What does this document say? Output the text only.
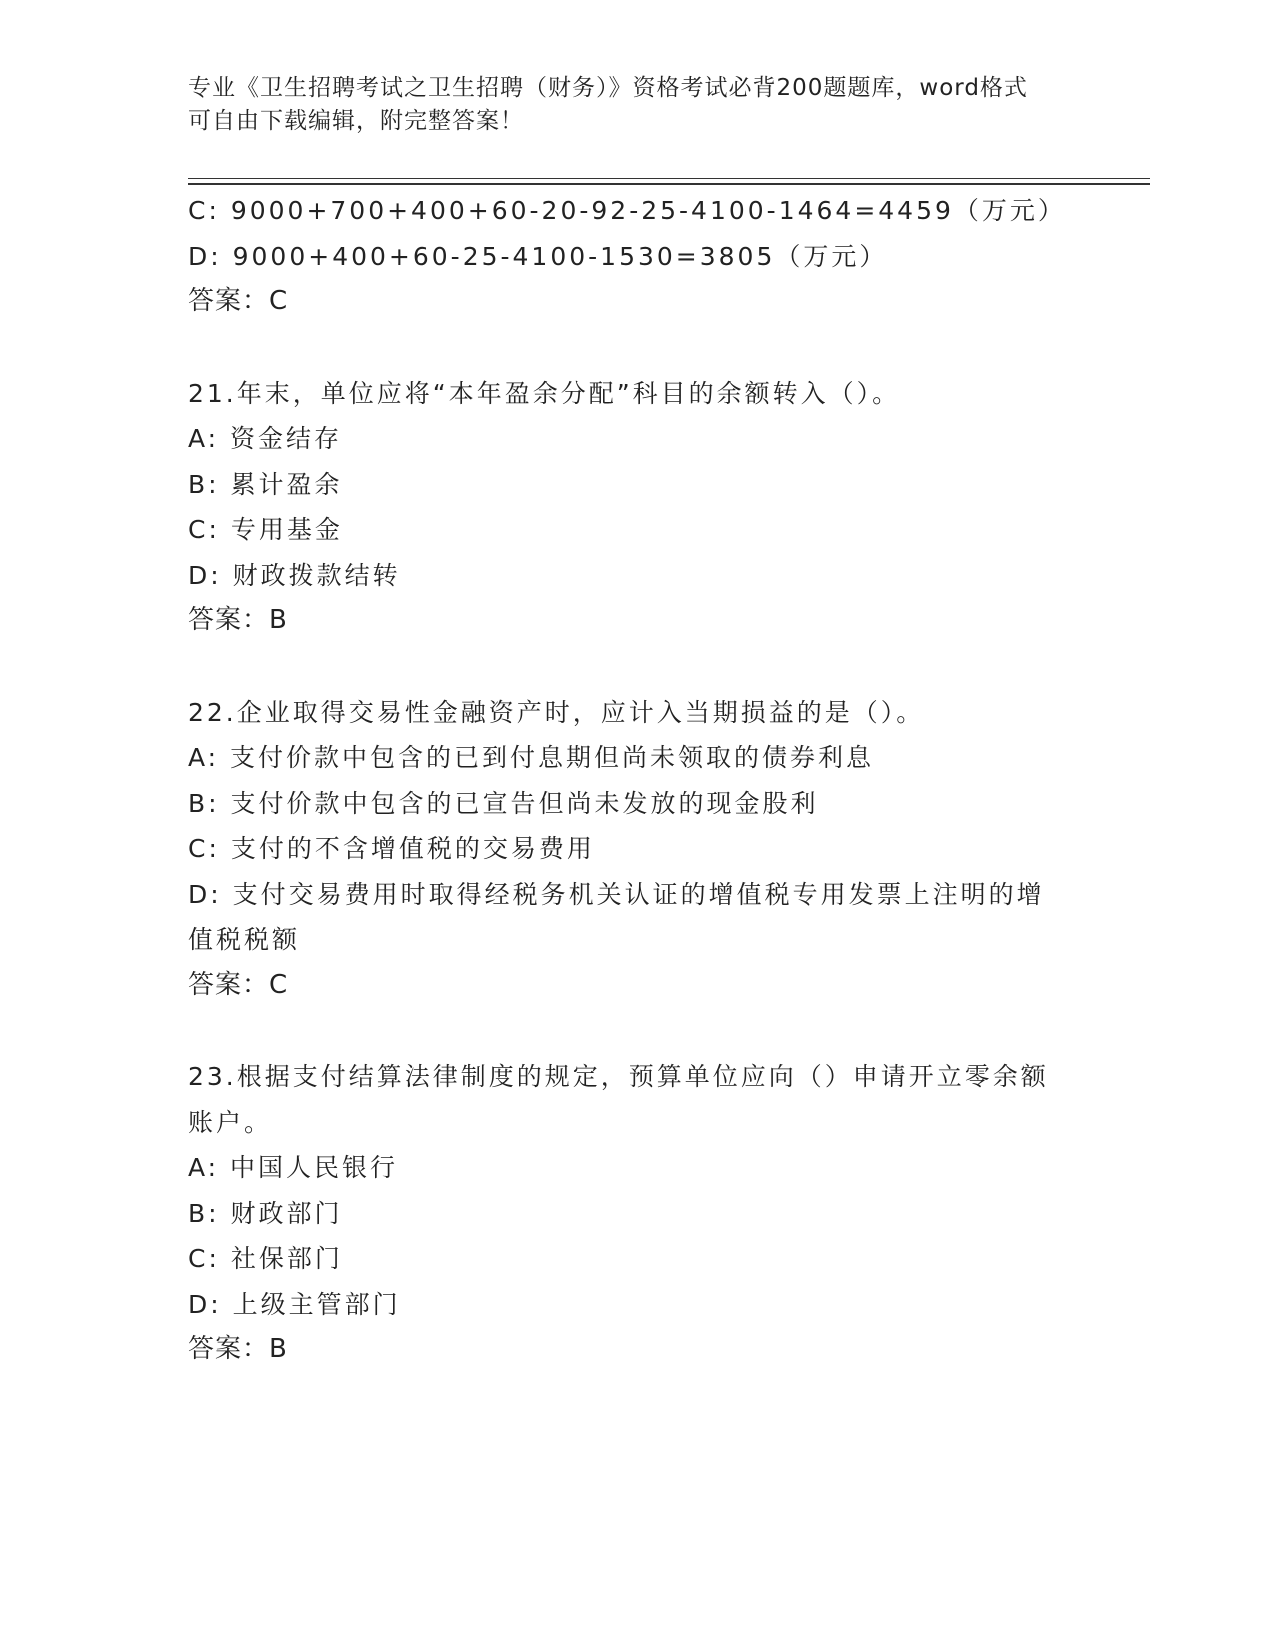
专业《卫生招聘考试之卫生招聘（财务）》资格考试必背200题题库，word格式
可自由下载编辑，附完整答案！
C: 9000+700+400+60-20-92-25-4100-1464=4459（万元）
D: 9000+400+60-25-4100-1530=3805（万元）
答案：C
21.年末，单位应将“本年盈余分配”科目的余额转入（）。
A: 资金结存
B: 累计盈余
C: 专用基金
D: 财政拨款结转
答案：B
22.企业取得交易性金融资产时，应计入当期损益的是（）。
A: 支付价款中包含的已到付息期但尚未领取的债券利息
B: 支付价款中包含的已宣告但尚未发放的现金股利
C: 支付的不含增值税的交易费用
D: 支付交易费用时取得经税务机关认证的增值税专用发票上注明的增
值税税额
答案：C
23.根据支付结算法律制度的规定，预算单位应向（）申请开立零余额
账户。
A: 中国人民银行
B: 财政部门
C: 社保部门
D: 上级主管部门
答案：B
